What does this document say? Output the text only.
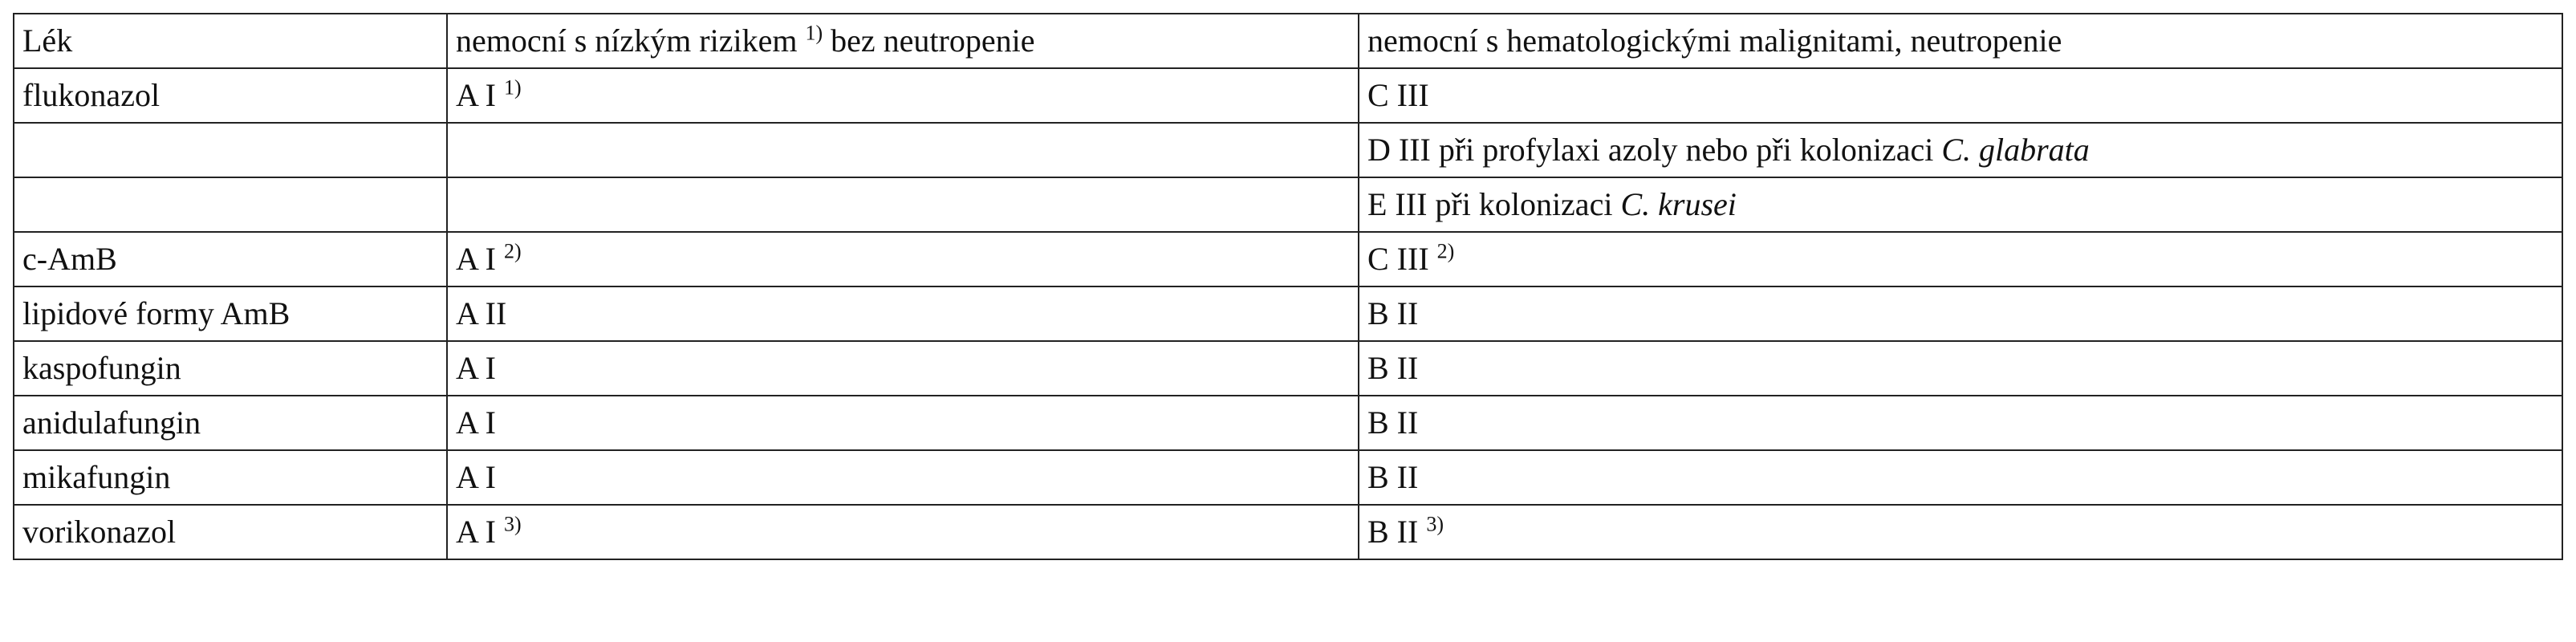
Lék	nemocní s nízkým rizikem $^{1)}$ bez neutropenie	nemocní s hematologickými malignitami, neutropenie
flukonazol	A I $^{1)}$	C III
		D III při profylaxi azoly nebo při kolonizaci C. glabrata
		E III při kolonizaci C. krusei
c-AmB	A I $^{2)}$	C III $^{2)}$
lipidové formy AmB	A II	B II
kaspofungin	A I	B II
anidulafungin	A I	B II
mikafungin	A I	B II
vorikonazol	A I $^{3)}$	B II $^{3)}$
